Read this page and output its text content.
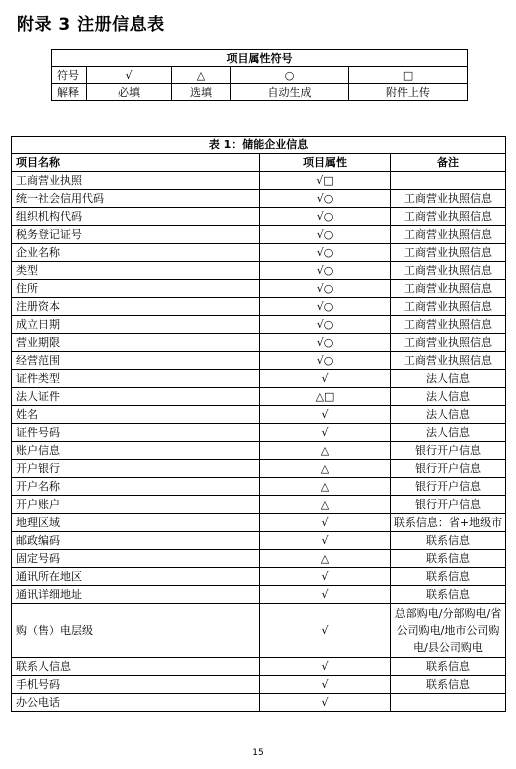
附录 3 注册信息表
项目属性符号				
符号	√	△	○	□
解释	必填	选填	自动生成	附件上传
表 1：储能企业信息		
项目名称	项目属性	备注
工商营业执照	√□	
统一社会信用代码	√○	工商营业执照信息
组织机构代码	√○	工商营业执照信息
税务登记证号	√○	工商营业执照信息
企业名称	√○	工商营业执照信息
类型	√○	工商营业执照信息
住所	√○	工商营业执照信息
注册资本	√○	工商营业执照信息
成立日期	√○	工商营业执照信息
营业期限	√○	工商营业执照信息
经营范围	√○	工商营业执照信息
证件类型	√	法人信息
法人证件	△□	法人信息
姓名	√	法人信息
证件号码	√	法人信息
账户信息	△	银行开户信息
开户银行	△	银行开户信息
开户名称	△	银行开户信息
开户账户	△	银行开户信息
地理区域	√	联系信息：省+地级市
邮政编码	√	联系信息
固定号码	△	联系信息
通讯所在地区	√	联系信息
通讯详细地址	√	联系信息
购（售）电层级	√	总部购电/分部购电/省公司购电/地市公司购电/县公司购电
联系人信息	√	联系信息
手机号码	√	联系信息
办公电话	√	
15
